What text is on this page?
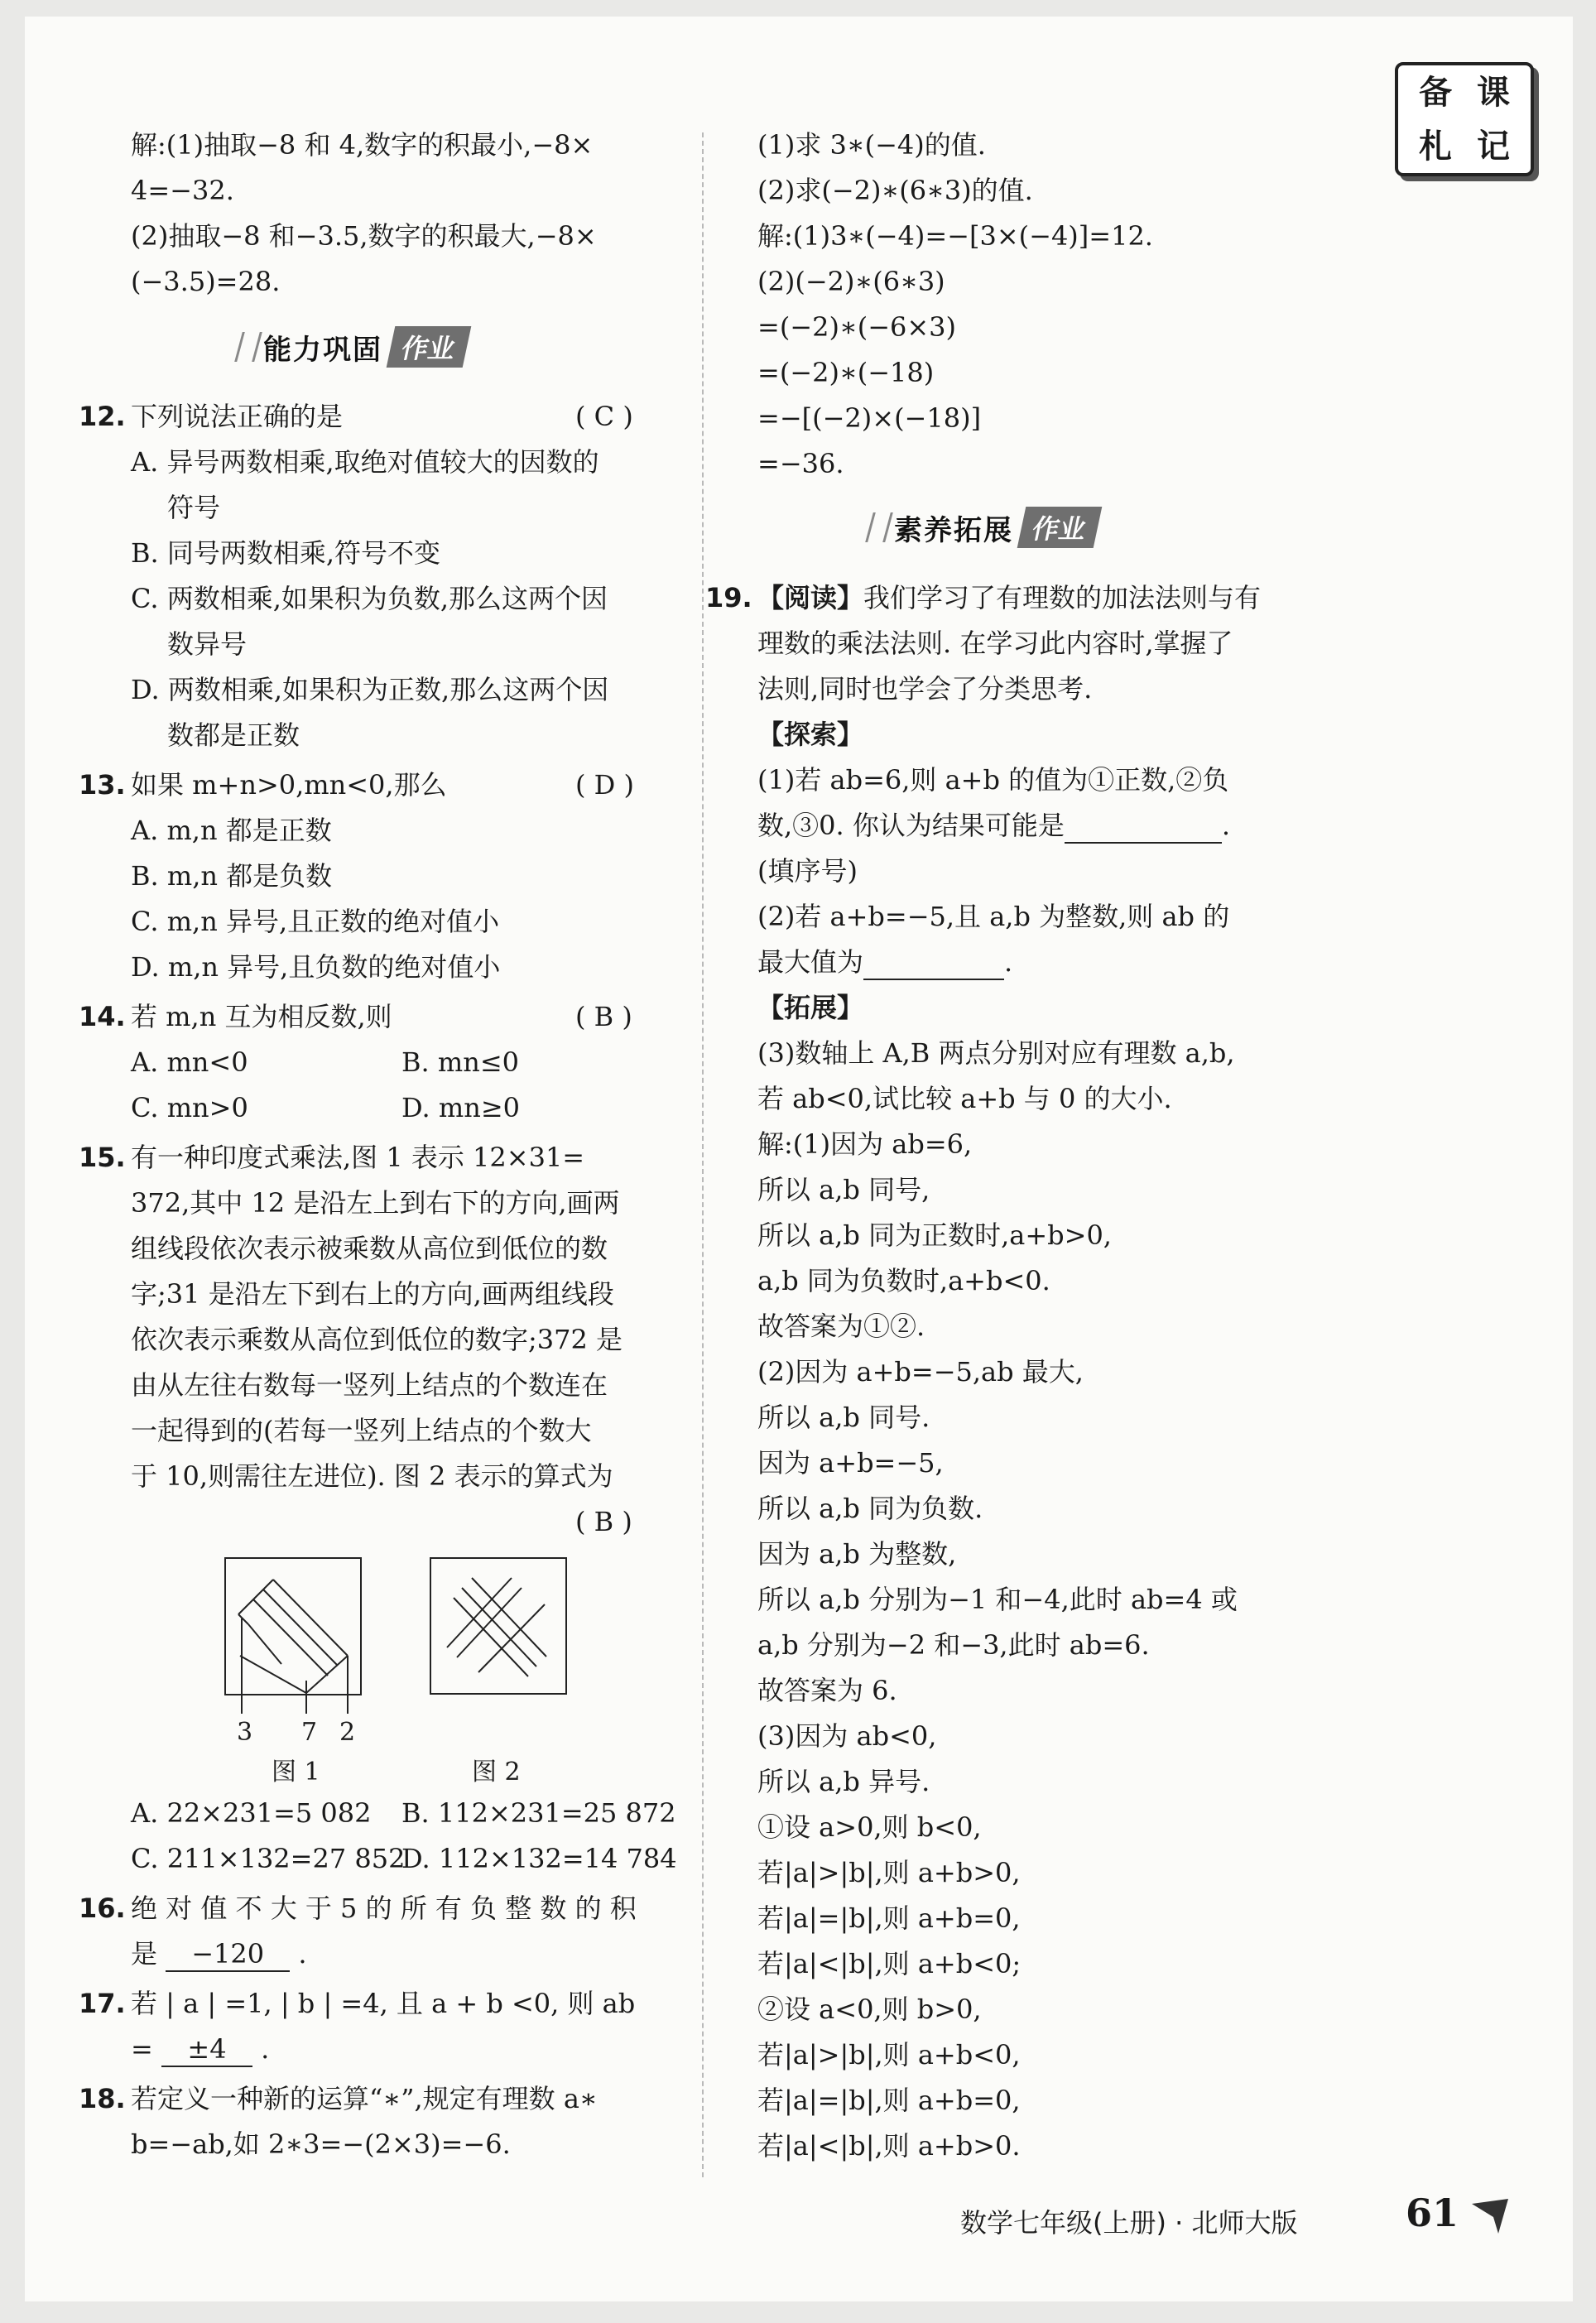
备 课
札 记
解:(1)抽取−8 和 4,数字的积最小,−8×
4=−32.
(2)抽取−8 和−3.5,数字的积最大,−8×
(−3.5)=28.
能力巩固 作业
12. 下列说法正确的是	( C )
A. 异号两数相乘,取绝对值较大的因数的
符号
B. 同号两数相乘,符号不变
C. 两数相乘,如果积为负数,那么这两个因
数异号
D. 两数相乘,如果积为正数,那么这两个因
数都是正数
13. 如果 m+n>0,mn<0,那么	( D )
A. m,n 都是正数
B. m,n 都是负数
C. m,n 异号,且正数的绝对值小
D. m,n 异号,且负数的绝对值小
14. 若 m,n 互为相反数,则	( B )
A. mn<0	B. mn≤0
C. mn>0	D. mn≥0
15. 有一种印度式乘法,图 1 表示 12×31=
372,其中 12 是沿左上到右下的方向,画两
组线段依次表示被乘数从高位到低位的数
字;31 是沿左下到右上的方向,画两组线段
依次表示乘数从高位到低位的数字;372 是
由从左往右数每一竖列上结点的个数连在
一起得到的(若每一竖列上结点的个数大
于 10,则需往左进位). 图 2 表示的算式为
( B )
3 7 2
图 1	图 2
A. 22×231=5 082 B. 112×231=25 872
C. 211×132=27 852
D. 112×132=14 784
16. 绝 对 值 不 大 于 5 的 所 有 负 整 数 的 积
是 −120 .
17. 若 | a | =1, | b | =4, 且 a + b <0, 则 ab
= ±4 .
18. 若定义一种新的运算“∗”,规定有理数 a∗
b=−ab,如 2∗3=−(2×3)=−6.
(1)求 3∗(−4)的值.
(2)求(−2)∗(6∗3)的值.
解:(1)3∗(−4)=−[3×(−4)]=12.
(2)(−2)∗(6∗3)
=(−2)∗(−6×3)
=(−2)∗(−18)
=−[(−2)×(−18)]
=−36.
素养拓展 作业
19. 【阅读】我们学习了有理数的加法法则与有
理数的乘法法则. 在学习此内容时,掌握了
法则,同时也学会了分类思考.
【探索】
(1)若 ab=6,则 a+b 的值为①正数,②负
数,③0. 你认为结果可能是	.
(填序号)
(2)若 a+b=−5,且 a,b 为整数,则 ab 的
最大值为	.
【拓展】
(3)数轴上 A,B 两点分别对应有理数 a,b,
若 ab<0,试比较 a+b 与 0 的大小.
解:(1)因为 ab=6,
所以 a,b 同号,
所以 a,b 同为正数时,a+b>0,
a,b 同为负数时,a+b<0.
故答案为①②.
(2)因为 a+b=−5,ab 最大,
所以 a,b 同号.
因为 a+b=−5,
所以 a,b 同为负数.
因为 a,b 为整数,
所以 a,b 分别为−1 和−4,此时 ab=4 或
a,b 分别为−2 和−3,此时 ab=6.
故答案为 6.
(3)因为 ab<0,
所以 a,b 异号.
①设 a>0,则 b<0,
若|a|>|b|,则 a+b>0,
若|a|=|b|,则 a+b=0,
若|a|<|b|,则 a+b<0;
②设 a<0,则 b>0,
若|a|>|b|,则 a+b<0,
若|a|=|b|,则 a+b=0,
若|a|<|b|,则 a+b>0.
数学七年级(上册) · 北师大版	61
